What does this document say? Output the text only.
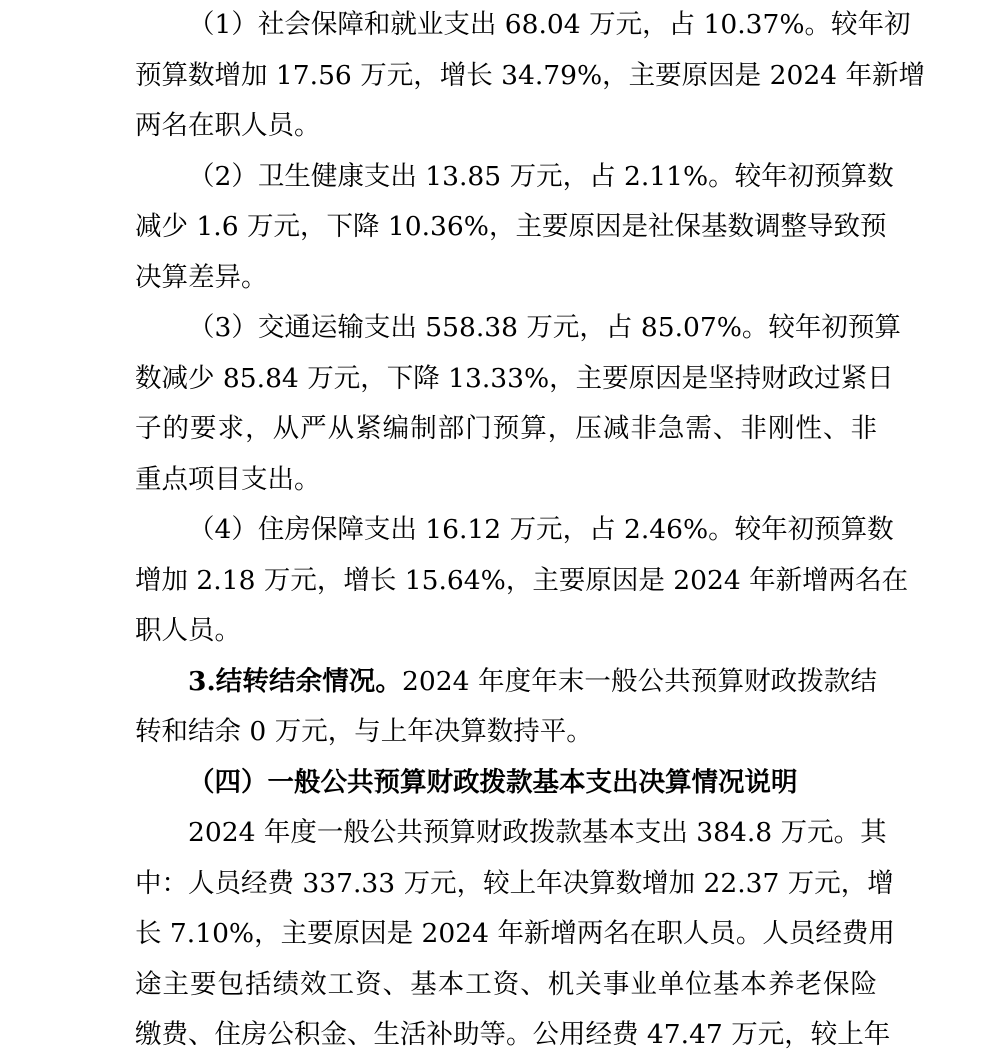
（1）社会保障和就业支出 68.04 万元，占 10.37%。较年初
预算数增加 17.56 万元，增长 34.79%，主要原因是 2024 年新增
两名在职人员。
（2）卫生健康支出 13.85 万元，占 2.11%。较年初预算数
减少 1.6 万元，下降 10.36%，主要原因是社保基数调整导致预
决算差异。
（3）交通运输支出 558.38 万元，占 85.07%。较年初预算
数减少 85.84 万元，下降 13.33%，主要原因是坚持财政过紧日
子的要求，从严从紧编制部门预算，压减非急需、非刚性、非
重点项目支出。
（4）住房保障支出 16.12 万元，占 2.46%。较年初预算数
增加 2.18 万元，增长 15.64%，主要原因是 2024 年新增两名在
职人员。
3.结转结余情况。2024 年度年末一般公共预算财政拨款结
转和结余 0 万元，与上年决算数持平。
（四）一般公共预算财政拨款基本支出决算情况说明
2024 年度一般公共预算财政拨款基本支出 384.8 万元。其
中：人员经费 337.33 万元，较上年决算数增加 22.37 万元，增
长 7.10%，主要原因是 2024 年新增两名在职人员。人员经费用
途主要包括绩效工资、基本工资、机关事业单位基本养老保险
缴费、住房公积金、生活补助等。公用经费 47.47 万元，较上年
